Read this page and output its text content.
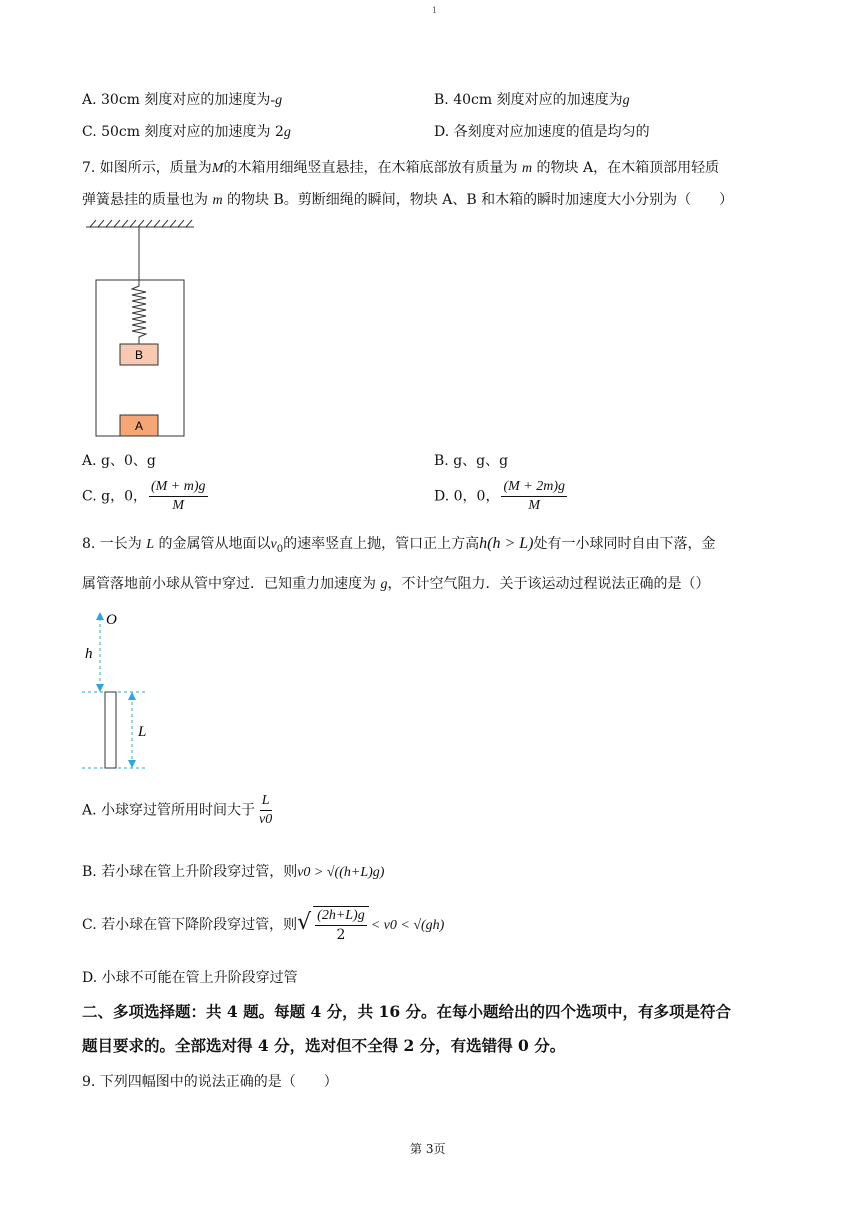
1
A. 30cm 刻度对应的加速度为-g	B. 40cm 刻度对应的加速度为g
C. 50cm 刻度对应的加速度为 2g	D. 各刻度对应加速度的值是均匀的
7. 如图所示，质量为M的木箱用细绳竖直悬挂，在木箱底部放有质量为 m 的物块 A，在木箱顶部用轻质
弹簧悬挂的质量也为 m 的物块 B。剪断细绳的瞬间，物块 A、B 和木箱的瞬时加速度大小分别为（　　）
B
A
A. g、0、g	B. g、g、g
C. g，0， $\frac{(M + m)g}{M}$	D. 0，0， $\frac{(M + 2m)g}{M}$
8. 一长为 L 的金属管从地面以$v_0$的速率竖直上抛，管口正上方高h(h > L)处有一小球同时自由下落，金
属管落地前小球从管中穿过．已知重力加速度为 g，不计空气阻力．关于该运动过程说法正确的是（）
O
h
L
A. 小球穿过管所用时间大于 $\frac{L}{v0}$
B. 若小球在管上升阶段穿过管，则v0 > √((h+L)g)
C. 若小球在管下降阶段穿过管，则√ $\frac{(2h+L)g}{2} < v0 < √(gh)$
D. 小球不可能在管上升阶段穿过管
二、多项选择题：共 4 题。每题 4 分，共 16 分。在每小题给出的四个选项中，有多项是符合
题目要求的。全部选对得 4 分，选对但不全得 2 分，有选错得 0 分。
9. 下列四幅图中的说法正确的是（　　）
第 3页
